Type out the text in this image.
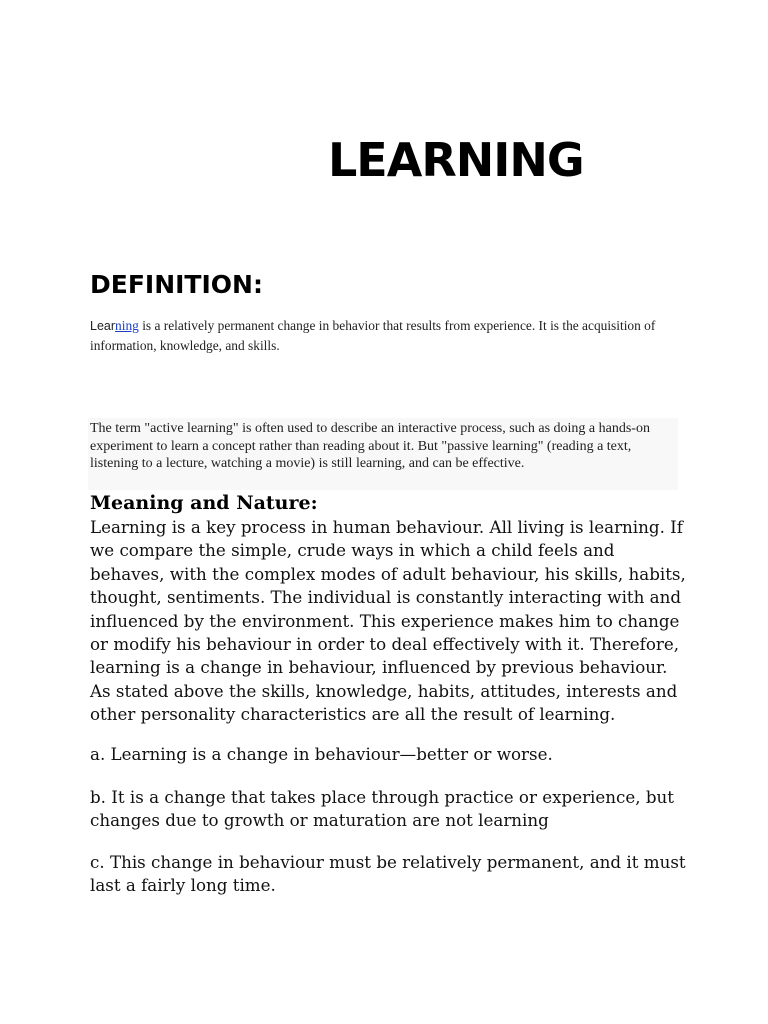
LEARNING
DEFINITION:

Learning is a relatively permanent change in behavior that results from experience. It is the acquisition of information, knowledge, and skills.

The term "active learning" is often used to describe an interactive process, such as doing a hands-on experiment to learn a concept rather than reading about it. But "passive learning" (reading a text, listening to a lecture, watching a movie) is still learning, and can be effective.

Meaning and Nature:

Learning is a key process in human behaviour. All living is learning. If we compare the simple, crude ways in which a child feels and behaves, with the complex modes of adult behaviour, his skills, habits, thought, sentiments. The individual is constantly interacting with and influenced by the environment. This experience makes him to change or modify his behaviour in order to deal effectively with it. Therefore, learning is a change in behaviour, influenced by previous behaviour. As stated above the skills, knowledge, habits, attitudes, interests and other personality characteristics are all the result of learning.

a. Learning is a change in behaviour—better or worse.

b. It is a change that takes place through practice or experience, but changes due to growth or maturation are not learning

c. This change in behaviour must be relatively permanent, and it must last a fairly long time.
